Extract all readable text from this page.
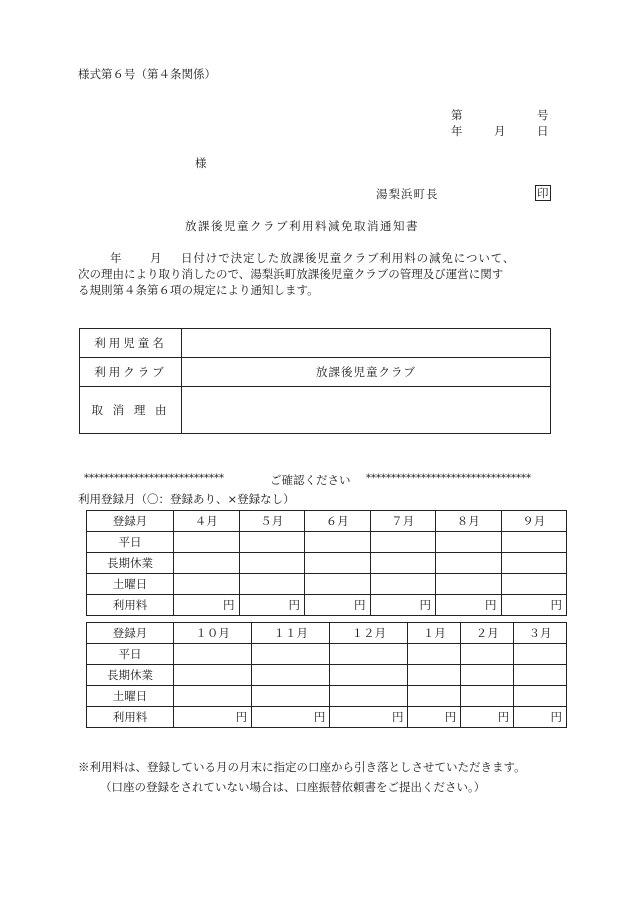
様式第６号（第４条関係）
第	号
年	月	日
様
湯梨浜町長	印
放課後児童クラブ利用料減免取消通知書
年 月 日付けで決定した放課後児童クラブ利用料の減免について、
次の理由により取り消したので、湯梨浜町放課後児童クラブの管理及び運営に関す
る規則第４条第６項の規定により通知します。
利用児童名	
利用クラブ	放課後児童クラブ
取 消 理 由	
****************************	ご確認ください *********************************
利用登録月（〇：登録あり、×登録なし）
登録月	４月	５月	６月	７月	８月	９月
平日						
長期休業						
土曜日						
利用料	円	円	円	円	円	円
登録月	１０月	１１月	１２月	１月	２月	３月
平日						
長期休業						
土曜日						
利用料	円	円	円	円	円	円
※利用料は、登録している月の月末に指定の口座から引き落としさせていただきます。
（口座の登録をされていない場合は、口座振替依頼書をご提出ください。）
